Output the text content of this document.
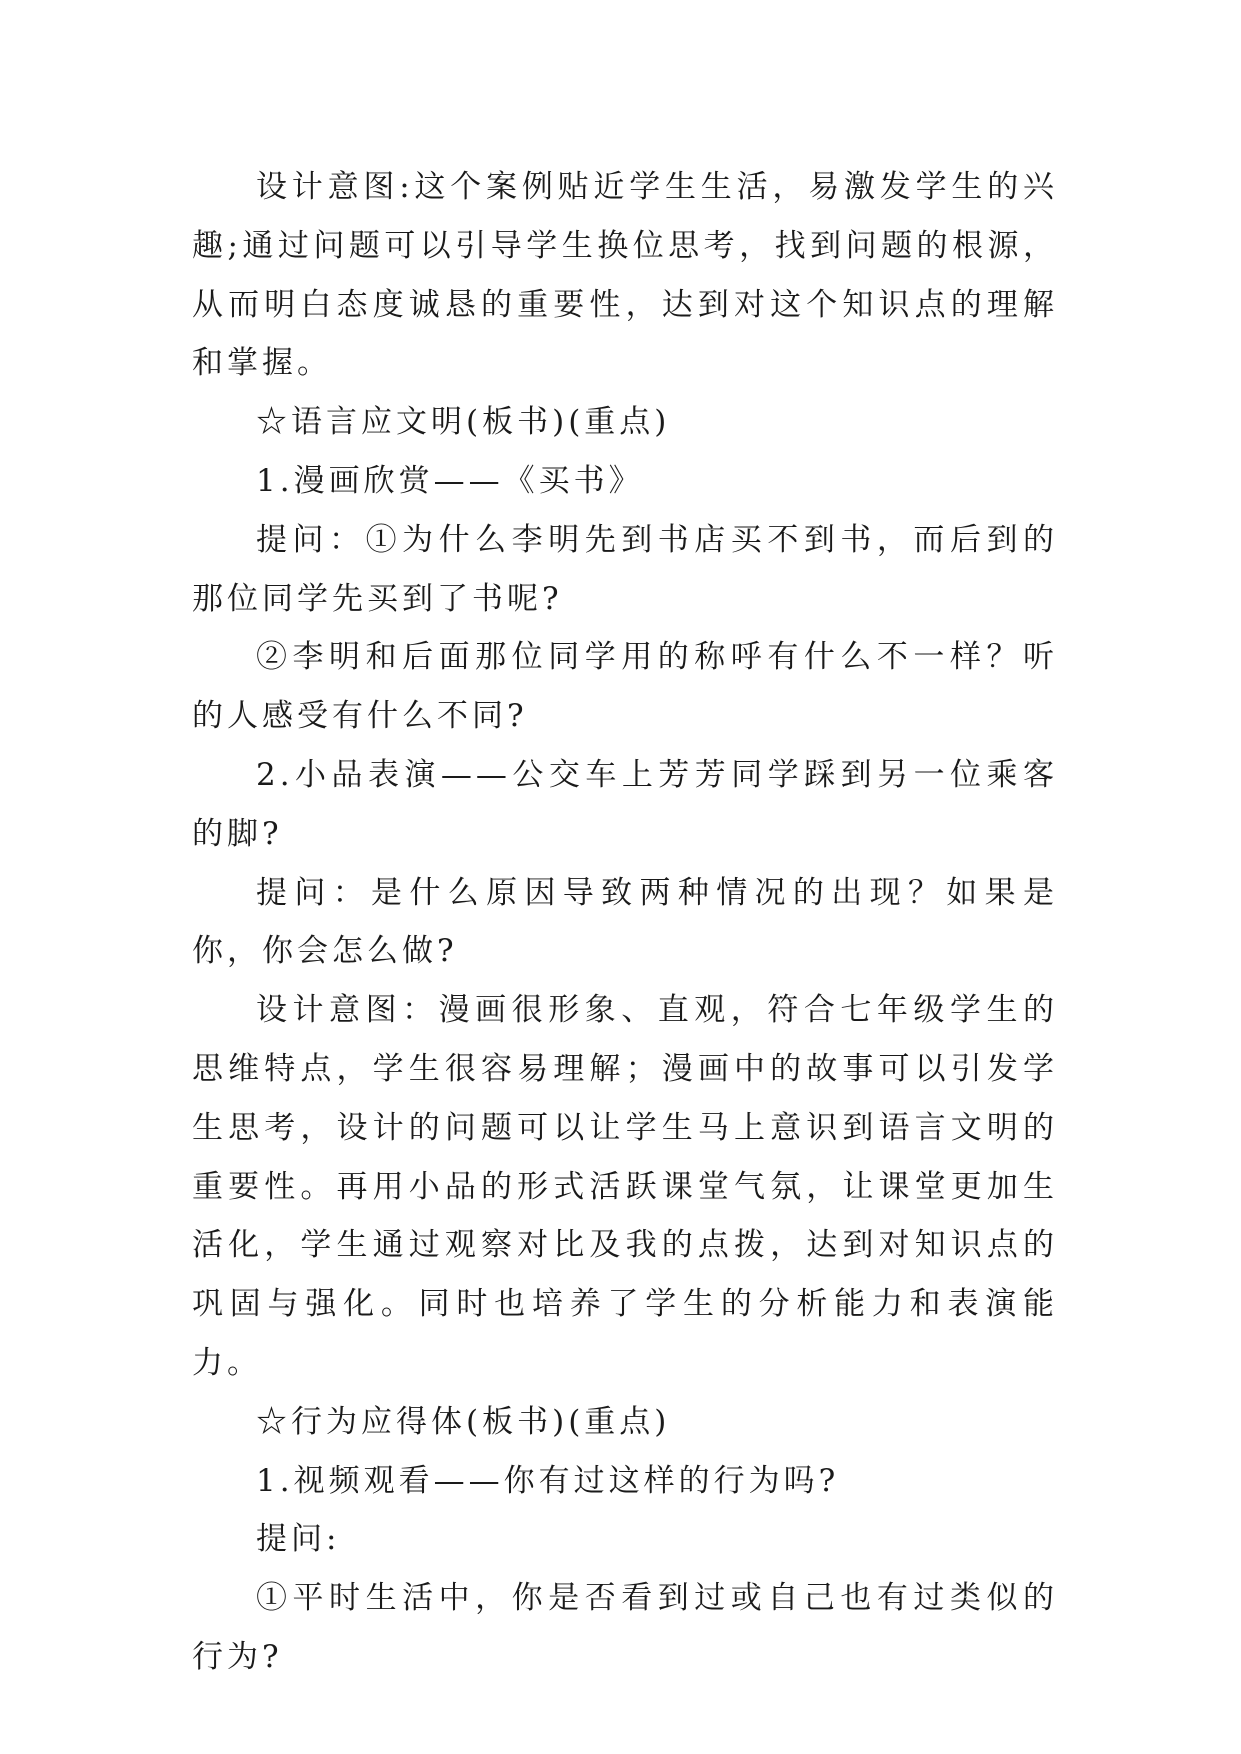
设计意图:这个案例贴近学生生活，易激发学生的兴趣;通过问题可以引导学生换位思考，找到问题的根源，从而明白态度诚恳的重要性，达到对这个知识点的理解和掌握。

☆语言应文明(板书)(重点)

1.漫画欣赏——《买书》

提问：①为什么李明先到书店买不到书，而后到的那位同学先买到了书呢?

②李明和后面那位同学用的称呼有什么不一样？听的人感受有什么不同?

2.小品表演——公交车上芳芳同学踩到另一位乘客的脚?

提问：是什么原因导致两种情况的出现？如果是你，你会怎么做?

设计意图：漫画很形象、直观，符合七年级学生的思维特点，学生很容易理解；漫画中的故事可以引发学生思考，设计的问题可以让学生马上意识到语言文明的重要性。再用小品的形式活跃课堂气氛，让课堂更加生活化，学生通过观察对比及我的点拨，达到对知识点的巩固与强化。同时也培养了学生的分析能力和表演能力。

☆行为应得体(板书)(重点)

1.视频观看——你有过这样的行为吗?

提问:

①平时生活中，你是否看到过或自己也有过类似的行为?
